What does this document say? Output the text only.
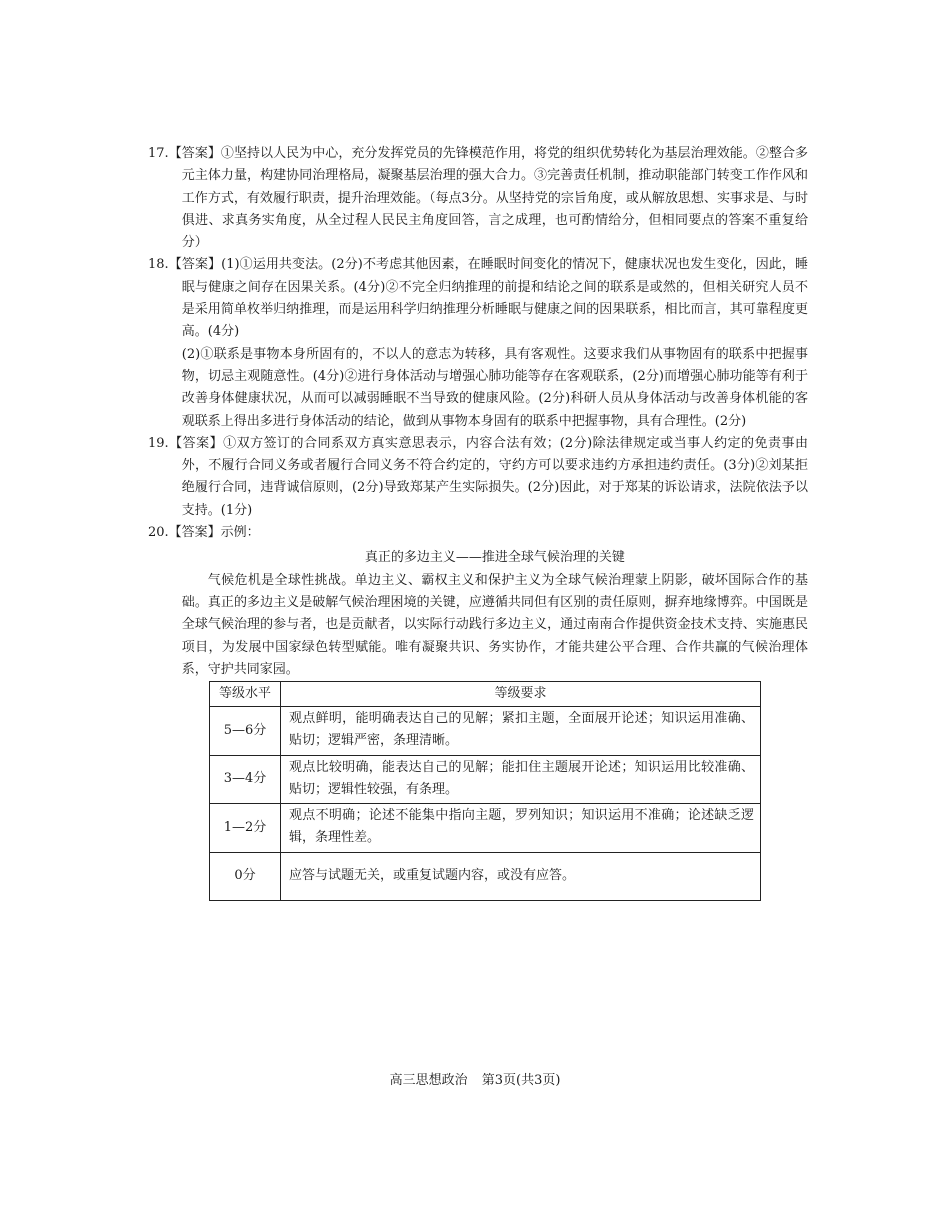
17.【答案】①坚持以人民为中心，充分发挥党员的先锋模范作用，将党的组织优势转化为基层治理效能。②整合多元主体力量，构建协同治理格局，凝聚基层治理的强大合力。③完善责任机制，推动职能部门转变工作作风和工作方式，有效履行职责，提升治理效能。（每点3分。从坚持党的宗旨角度，或从解放思想、实事求是、与时俱进、求真务实角度，从全过程人民民主角度回答，言之成理，也可酌情给分，但相同要点的答案不重复给分）

18.【答案】(1)①运用共变法。(2分)不考虑其他因素，在睡眠时间变化的情况下，健康状况也发生变化，因此，睡眠与健康之间存在因果关系。(4分)②不完全归纳推理的前提和结论之间的联系是或然的，但相关研究人员不是采用简单枚举归纳推理，而是运用科学归纳推理分析睡眠与健康之间的因果联系，相比而言，其可靠程度更高。(4分)

(2)①联系是事物本身所固有的，不以人的意志为转移，具有客观性。这要求我们从事物固有的联系中把握事物，切忌主观随意性。(4分)②进行身体活动与增强心肺功能等存在客观联系，(2分)而增强心肺功能等有利于改善身体健康状况，从而可以减弱睡眠不当导致的健康风险。(2分)科研人员从身体活动与改善身体机能的客观联系上得出多进行身体活动的结论，做到从事物本身固有的联系中把握事物，具有合理性。(2分)

19.【答案】①双方签订的合同系双方真实意思表示，内容合法有效；(2分)除法律规定或当事人约定的免责事由外，不履行合同义务或者履行合同义务不符合约定的，守约方可以要求违约方承担违约责任。(3分)②刘某拒绝履行合同，违背诚信原则，(2分)导致郑某产生实际损失。(2分)因此，对于郑某的诉讼请求，法院依法予以支持。(1分)

20.【答案】示例：

真正的多边主义——推进全球气候治理的关键

气候危机是全球性挑战。单边主义、霸权主义和保护主义为全球气候治理蒙上阴影，破坏国际合作的基础。真正的多边主义是破解气候治理困境的关键，应遵循共同但有区别的责任原则，摒弃地缘博弈。中国既是全球气候治理的参与者，也是贡献者，以实际行动践行多边主义，通过南南合作提供资金技术支持、实施惠民项目，为发展中国家绿色转型赋能。唯有凝聚共识、务实协作，才能共建公平合理、合作共赢的气候治理体系，守护共同家园。

等级水平	等级要求
5—6分	观点鲜明，能明确表达自己的见解；紧扣主题，全面展开论述；知识运用准确、贴切；逻辑严密，条理清晰。
3—4分	观点比较明确，能表达自己的见解；能扣住主题展开论述；知识运用比较准确、贴切；逻辑性较强，有条理。
1—2分	观点不明确；论述不能集中指向主题，罗列知识；知识运用不准确；论述缺乏逻辑，条理性差。
0分	应答与试题无关，或重复试题内容，或没有应答。
高三思想政治 第3页(共3页)
